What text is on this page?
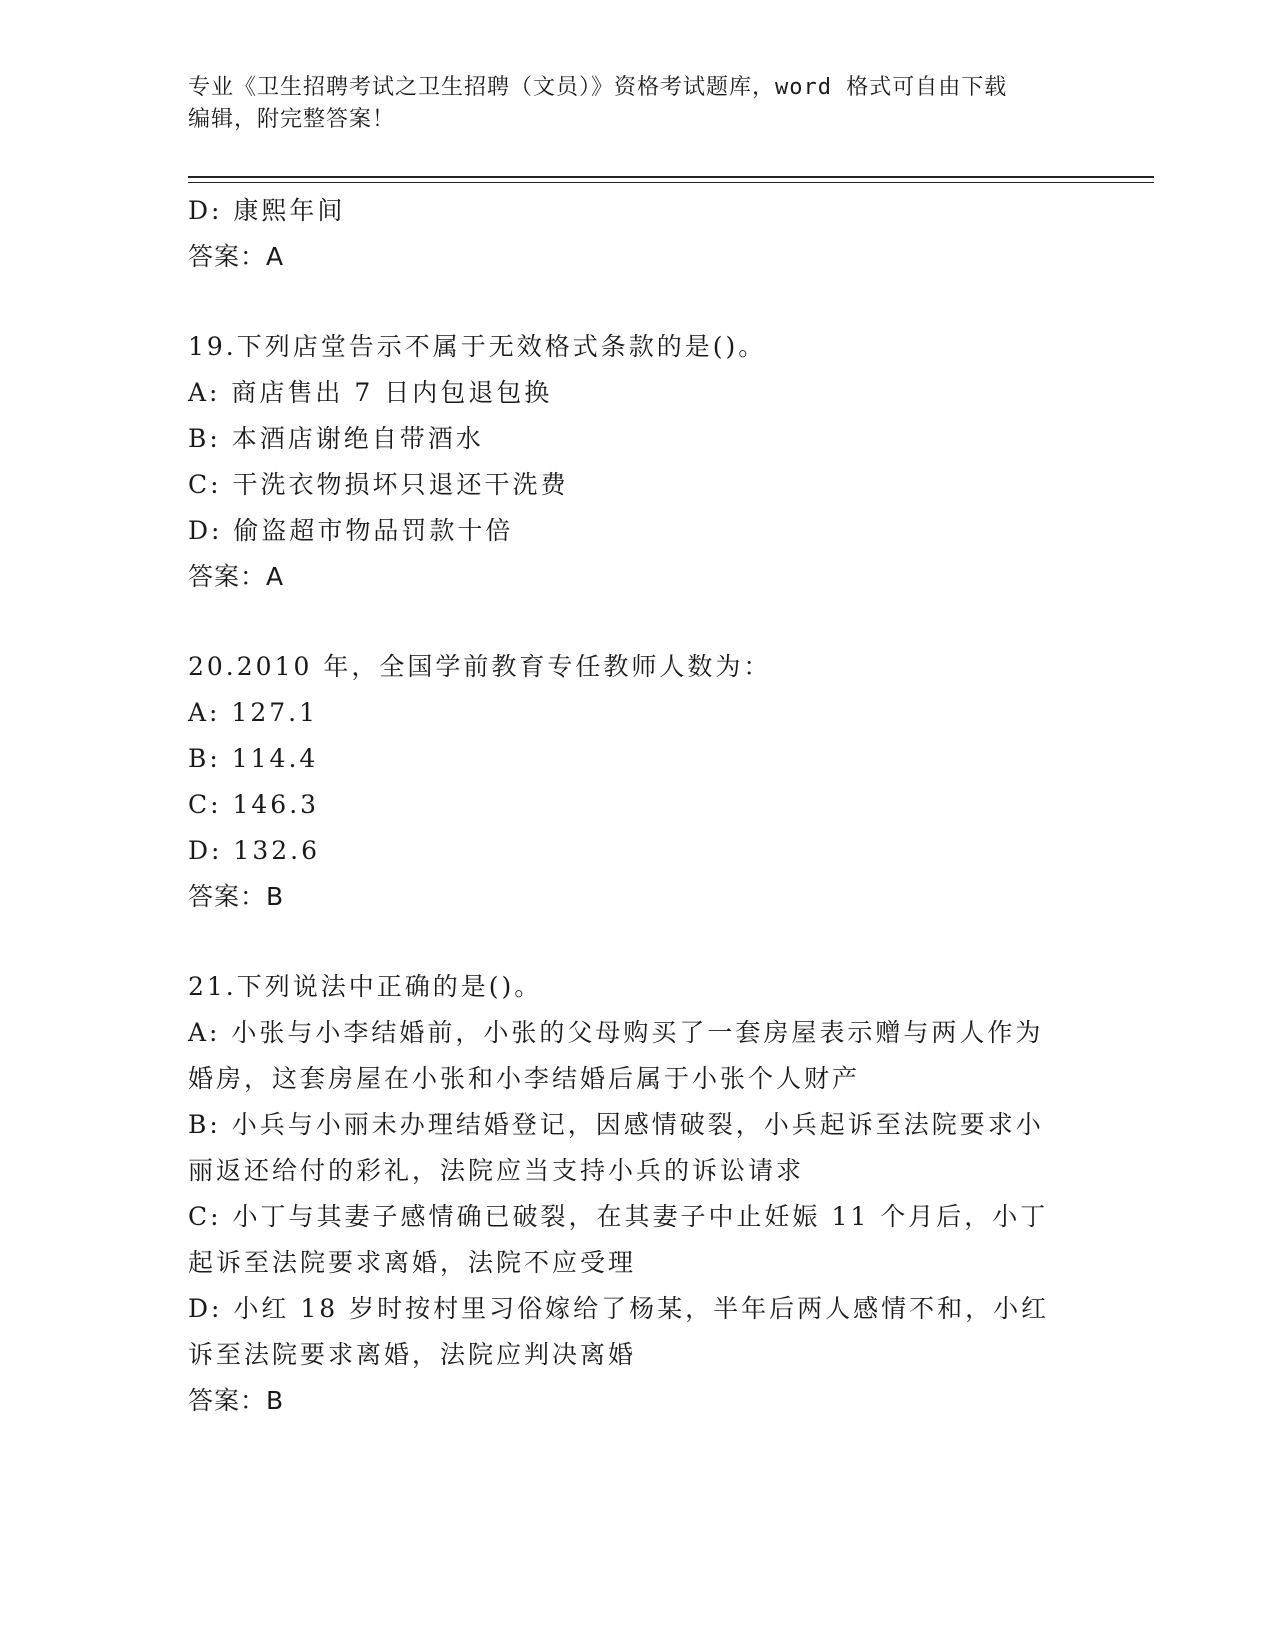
专业《卫生招聘考试之卫生招聘（文员）》资格考试题库，word 格式可自由下载

编辑，附完整答案！

D: 康熙年间
答案：A
19.下列店堂告示不属于无效格式条款的是()。
A: 商店售出 7 日内包退包换
B: 本酒店谢绝自带酒水
C: 干洗衣物损坏只退还干洗费
D: 偷盗超市物品罚款十倍
答案：A
20.2010 年，全国学前教育专任教师人数为：
A: 127.1
B: 114.4
C: 146.3
D: 132.6
答案：B
21.下列说法中正确的是()。
A: 小张与小李结婚前，小张的父母购买了一套房屋表示赠与两人作为
婚房，这套房屋在小张和小李结婚后属于小张个人财产
B: 小兵与小丽未办理结婚登记，因感情破裂，小兵起诉至法院要求小
丽返还给付的彩礼，法院应当支持小兵的诉讼请求
C: 小丁与其妻子感情确已破裂，在其妻子中止妊娠 11 个月后，小丁
起诉至法院要求离婚，法院不应受理
D: 小红 18 岁时按村里习俗嫁给了杨某，半年后两人感情不和，小红
诉至法院要求离婚，法院应判决离婚
答案：B
